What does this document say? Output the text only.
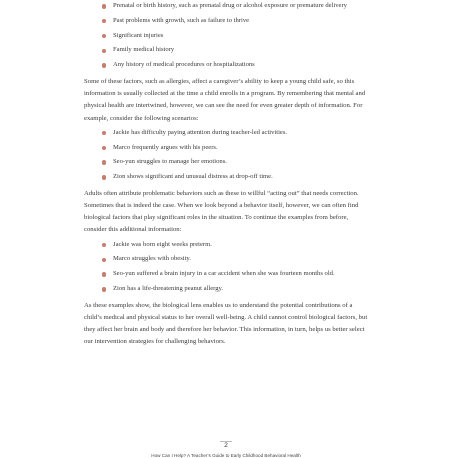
Prenatal or birth history, such as prenatal drug or alcohol exposure or premature delivery
Past problems with growth, such as failure to thrive
Significant injuries
Family medical history
Any history of medical procedures or hospitalizations

Some of these factors, such as allergies, affect a caregiver’s ability to keep a young child safe, so this information is usually collected at the time a child enrolls in a program. By remembering that mental and physical health are intertwined, however, we can see the need for even greater depth of information. For example, consider the following scenarios:

Jackie has difficulty paying attention during teacher-led activities.
Marco frequently argues with his peers.
Seo-yun struggles to manage her emotions.
Zion shows significant and unusual distress at drop-off time.

Adults often attribute problematic behaviors such as these to willful “acting out” that needs correction. Sometimes that is indeed the case. When we look beyond a behavior itself, however, we can often find biological factors that play significant roles in the situation. To continue the examples from before, consider this additional information:

Jackie was born eight weeks preterm.
Marco struggles with obesity.
Seo-yun suffered a brain injury in a car accident when she was fourteen months old.
Zion has a life-threatening peanut allergy.

As these examples show, the biological lens enables us to understand the potential contributions of a child’s medical and physical status to her overall well-being. A child cannot control biological factors, but they affect her brain and body and therefore her behavior. This information, in turn, helps us better select our intervention strategies for challenging behaviors.

2
How Can I Help? A Teacher’s Guide to Early Childhood Behavioral Health
